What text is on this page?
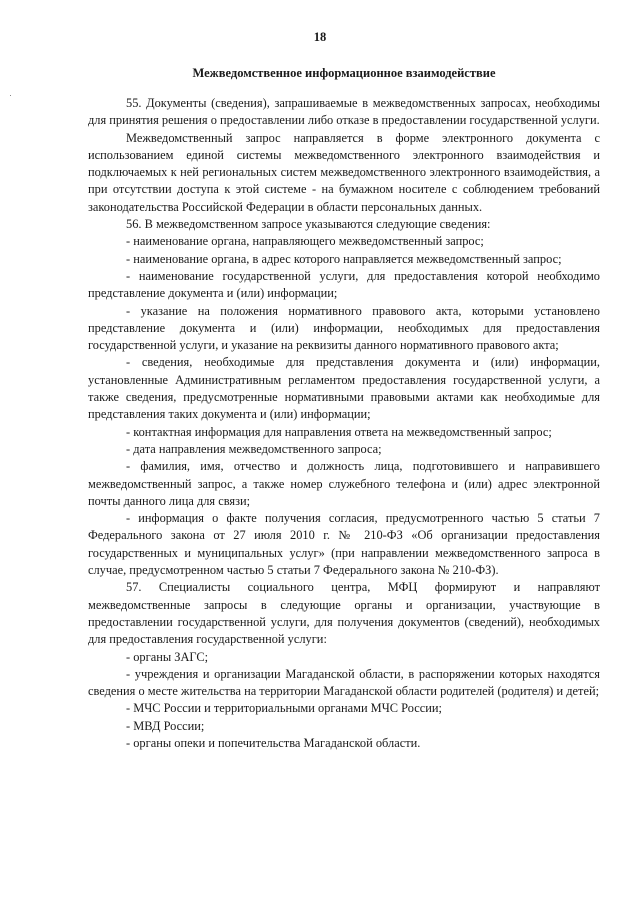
18
Межведомственное информационное взаимодействие

55. Документы (сведения), запрашиваемые в межведомственных запросах, необходимы для принятия решения о предоставлении либо отказе в предоставлении государственной услуги.

Межведомственный запрос направляется в форме электронного документа с использованием единой системы межведомственного электронного взаимодействия и подключаемых к ней региональных систем межведомственного электронного взаимодействия, а при отсутствии доступа к этой системе - на бумажном носителе с соблюдением требований законодательства Российской Федерации в области персональных данных.

56. В межведомственном запросе указываются следующие сведения:

- наименование органа, направляющего межведомственный запрос;

- наименование органа, в адрес которого направляется межведомственный запрос;

- наименование государственной услуги, для предоставления которой необходимо представление документа и (или) информации;

- указание на положения нормативного правового акта, которыми установлено представление документа и (или) информации, необходимых для предоставления государственной услуги, и указание на реквизиты данного нормативного правового акта;

- сведения, необходимые для представления документа и (или) информации, установленные Административным регламентом предоставления государственной услуги, а также сведения, предусмотренные нормативными правовыми актами как необходимые для представления таких документа и (или) информации;

- контактная информация для направления ответа на межведомственный запрос;

- дата направления межведомственного запроса;

- фамилия, имя, отчество и должность лица, подготовившего и направившего межведомственный запрос, а также номер служебного телефона и (или) адрес электронной почты данного лица для связи;

- информация о факте получения согласия, предусмотренного частью 5 статьи 7 Федерального закона от 27 июля 2010 г. № 210-ФЗ «Об организации предоставления государственных и муниципальных услуг» (при направлении межведомственного запроса в случае, предусмотренном частью 5 статьи 7 Федерального закона № 210-ФЗ).

57. Специалисты социального центра, МФЦ формируют и направляют межведомственные запросы в следующие органы и организации, участвующие в предоставлении государственной услуги, для получения документов (сведений), необходимых для предоставления государственной услуги:

- органы ЗАГС;

- учреждения и организации Магаданской области, в распоряжении которых находятся сведения о месте жительства на территории Магаданской области родителей (родителя) и детей;

- МЧС России и территориальными органами МЧС России;

- МВД России;

- органы опеки и попечительства Магаданской области.
